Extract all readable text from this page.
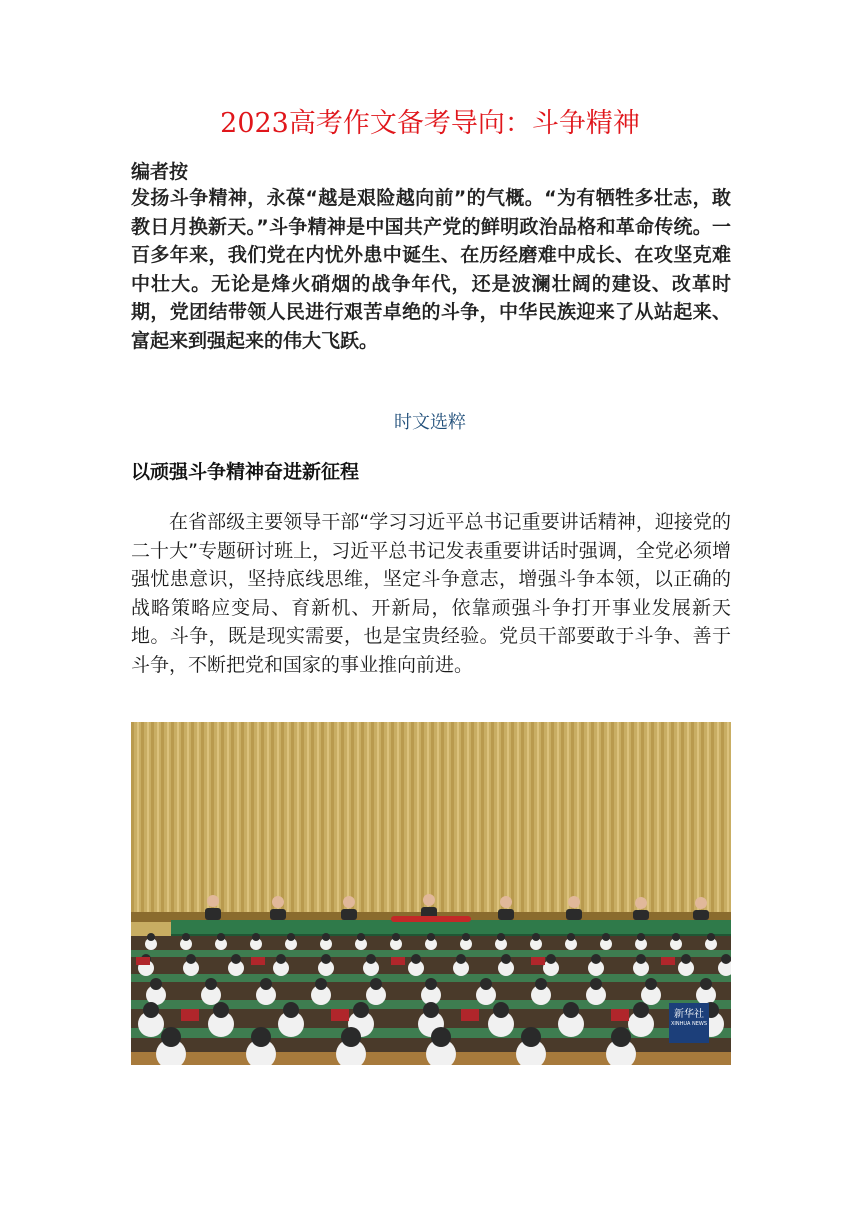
2023高考作文备考导向：斗争精神
编者按
发扬斗争精神，永葆“越是艰险越向前”的气概。“为有牺牲多壮志，敢教日月换新天。”斗争精神是中国共产党的鲜明政治品格和革命传统。一百多年来，我们党在内忧外患中诞生、在历经磨难中成长、在攻坚克难中壮大。无论是烽火硝烟的战争年代，还是波澜壮阔的建设、改革时期，党团结带领人民进行艰苦卓绝的斗争，中华民族迎来了从站起来、富起来到强起来的伟大飞跃。
时文选粹
以顽强斗争精神奋进新征程
在省部级主要领导干部“学习习近平总书记重要讲话精神，迎接党的二十大”专题研讨班上，习近平总书记发表重要讲话时强调，全党必须增强忧患意识，坚持底线思维，坚定斗争意志，增强斗争本领，以正确的战略策略应变局、育新机、开新局，依靠顽强斗争打开事业发展新天地。斗争，既是现实需要，也是宝贵经验。党员干部要敢于斗争、善于斗争，不断把党和国家的事业推向前进。
新华社
XINHUA NEWS
